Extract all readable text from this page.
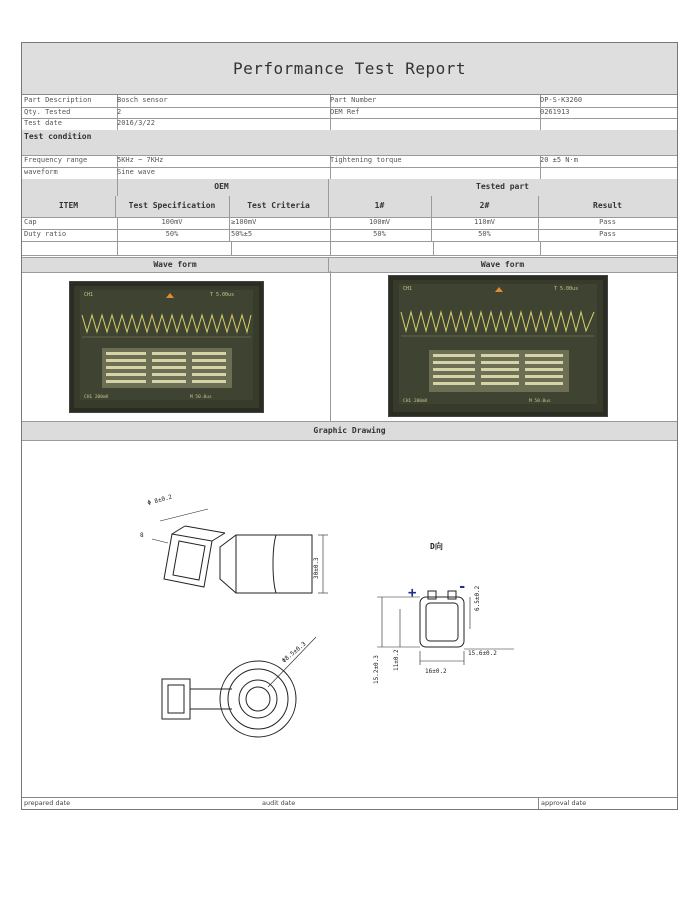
Performance Test Report
Part Description	Bosch sensor	Part Number	DP-S-K3260
Qty. Tested	2	OEM Ref	0261913
Test date	2016/3/22
Test condition
Frequency range	5KHz ~ 7KHz	Tightening torque	20 ±5 N·m
waveform	Sine wave
OEM	Tested part
ITEM	Test Specification	Test Criteria	1#	2#	Result
Cap	100mV	≥100mV	100mV	110mV	Pass
Duty ratio	50%	50%±5	50%	50%	Pass
Wave form	Wave form
CH1	T 5.00us
CH1 200mV	M 50.0us
CH1	T 5.00us
CH1 200mV	M 50.0us
Graphic Drawing
Φ 8±0.2
8
30±0.3
Φ8.5±0.3
D向
+	-
15.2±0.3 11±0.2
6.5±0.2
15.6±0.2
16±0.2
prepared date	audit date	approval date
